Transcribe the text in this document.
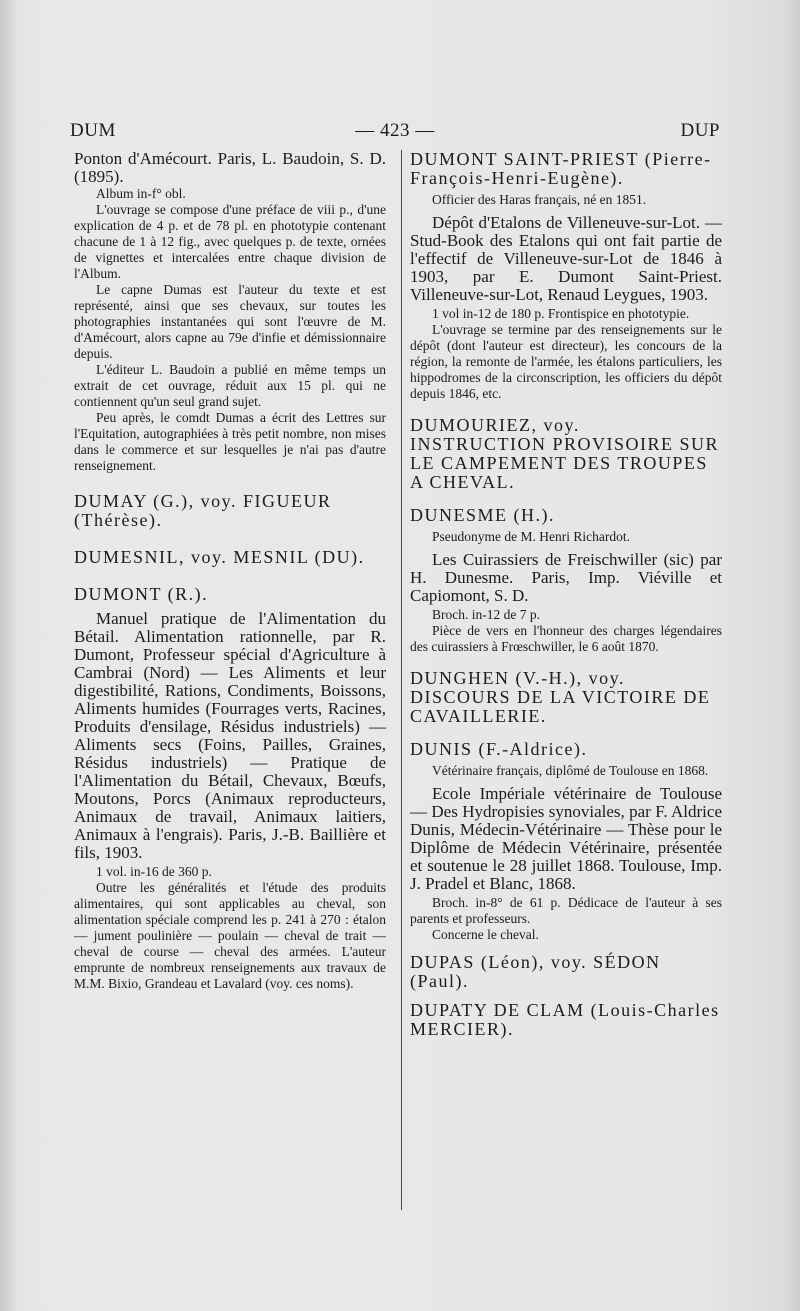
DUM	— 423 —	DUP

Ponton d'Amécourt. Paris, L. Baudoin, S. D. (1895).

Album in-f° obl.

L'ouvrage se compose d'une préface de viii p., d'une explication de 4 p. et de 78 pl. en phototypie contenant chacune de 1 à 12 fig., avec quelques p. de texte, ornées de vignettes et intercalées entre chaque division de l'Album.

Le capne Dumas est l'auteur du texte et est représenté, ainsi que ses chevaux, sur toutes les photographies instantanées qui sont l'œuvre de M. d'Amécourt, alors capne au 79e d'infie et démissionnaire depuis.

L'éditeur L. Baudoin a publié en même temps un extrait de cet ouvrage, réduit aux 15 pl. qui ne contiennent qu'un seul grand sujet.

Peu après, le comdt Dumas a écrit des Lettres sur l'Equitation, autographiées à très petit nombre, non mises dans le commerce et sur lesquelles je n'ai pas d'autre renseignement.

DUMAY (G.), voy. FIGUEUR (Thérèse).

DUMESNIL, voy. MESNIL (DU).

DUMONT (R.).

Manuel pratique de l'Alimentation du Bétail. Alimentation rationnelle, par R. Dumont, Professeur spécial d'Agriculture à Cambrai (Nord) — Les Aliments et leur digestibilité, Rations, Condiments, Boissons, Aliments humides (Fourrages verts, Racines, Produits d'ensilage, Résidus industriels) — Aliments secs (Foins, Pailles, Graines, Résidus industriels) — Pratique de l'Alimentation du Bétail, Chevaux, Bœufs, Moutons, Porcs (Animaux reproducteurs, Animaux de travail, Animaux laitiers, Animaux à l'engrais). Paris, J.-B. Baillière et fils, 1903.

1 vol. in-16 de 360 p.

Outre les généralités et l'étude des produits alimentaires, qui sont applicables au cheval, son alimentation spéciale comprend les p. 241 à 270 : étalon — jument poulinière — poulain — cheval de trait — cheval de course — cheval des armées. L'auteur emprunte de nombreux renseignements aux travaux de M.M. Bixio, Grandeau et Lavalard (voy. ces noms).

DUMONT SAINT-PRIEST (Pierre-François-Henri-Eugène).

Officier des Haras français, né en 1851.

Dépôt d'Etalons de Villeneuve-sur-Lot. — Stud-Book des Etalons qui ont fait partie de l'effectif de Villeneuve-sur-Lot de 1846 à 1903, par E. Dumont Saint-Priest. Villeneuve-sur-Lot, Renaud Leygues, 1903.

1 vol in-12 de 180 p. Frontispice en phototypie.

L'ouvrage se termine par des renseignements sur le dépôt (dont l'auteur est directeur), les concours de la région, la remonte de l'armée, les étalons particuliers, les hippodromes de la circonscription, les officiers du dépôt depuis 1846, etc.

DUMOURIEZ, voy. INSTRUCTION PROVISOIRE SUR LE CAMPEMENT DES TROUPES A CHEVAL.

DUNESME (H.).

Pseudonyme de M. Henri Richardot.

Les Cuirassiers de Freischwiller (sic) par H. Dunesme. Paris, Imp. Viéville et Capiomont, S. D.

Broch. in-12 de 7 p.

Pièce de vers en l'honneur des charges légendaires des cuirassiers à Frœschwiller, le 6 août 1870.

DUNGHEN (V.-H.), voy. DISCOURS DE LA VICTOIRE DE CAVAILLERIE.

DUNIS (F.-Aldrice).

Vétérinaire français, diplômé de Toulouse en 1868.

Ecole Impériale vétérinaire de Toulouse — Des Hydropisies synoviales, par F. Aldrice Dunis, Médecin-Vétérinaire — Thèse pour le Diplôme de Médecin Vétérinaire, présentée et soutenue le 28 juillet 1868. Toulouse, Imp. J. Pradel et Blanc, 1868.

Broch. in-8° de 61 p. Dédicace de l'auteur à ses parents et professeurs.

Concerne le cheval.

DUPAS (Léon), voy. SÉDON (Paul).

DUPATY DE CLAM (Louis-Charles MERCIER).
